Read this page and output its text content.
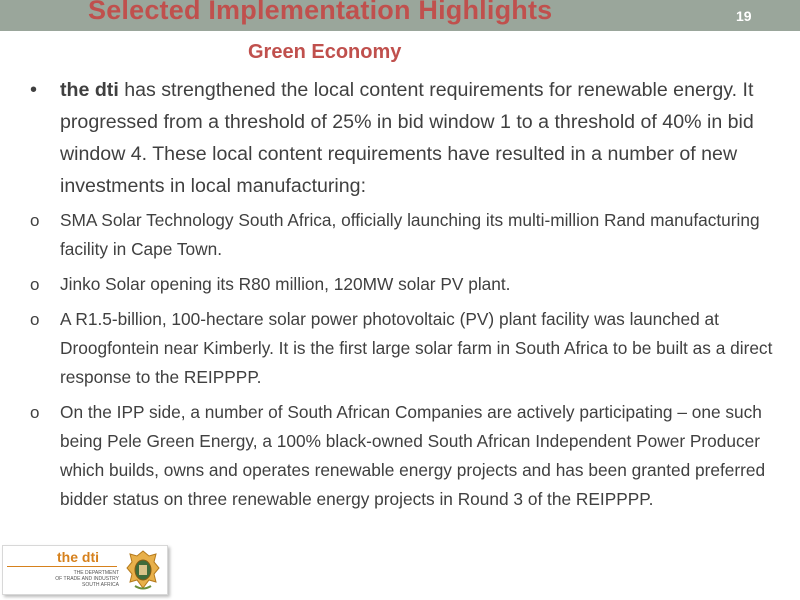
Selected Implementation Highlights	19
Green Economy
• the dti has strengthened the local content requirements for renewable energy. It progressed from a threshold of 25% in bid window 1 to a threshold of 40% in bid window 4. These local content requirements have resulted in a number of new investments in local manufacturing:
o SMA Solar Technology South Africa, officially launching its multi-million Rand manufacturing facility in Cape Town.
o Jinko Solar opening its R80 million, 120MW solar PV plant.
o A R1.5-billion, 100-hectare solar power photovoltaic (PV) plant facility was launched at Droogfontein near Kimberly. It is the first large solar farm in South Africa to be built as a direct response to the REIPPPP.
o On the IPP side, a number of South African Companies are actively participating – one such being Pele Green Energy, a 100% black-owned South African Independent Power Producer which builds, owns and operates renewable energy projects and has been granted preferred bidder status on three renewable energy projects in Round 3 of the REIPPPP.
the dti
THE DEPARTMENT
OF TRADE AND INDUSTRY
SOUTH AFRICA
